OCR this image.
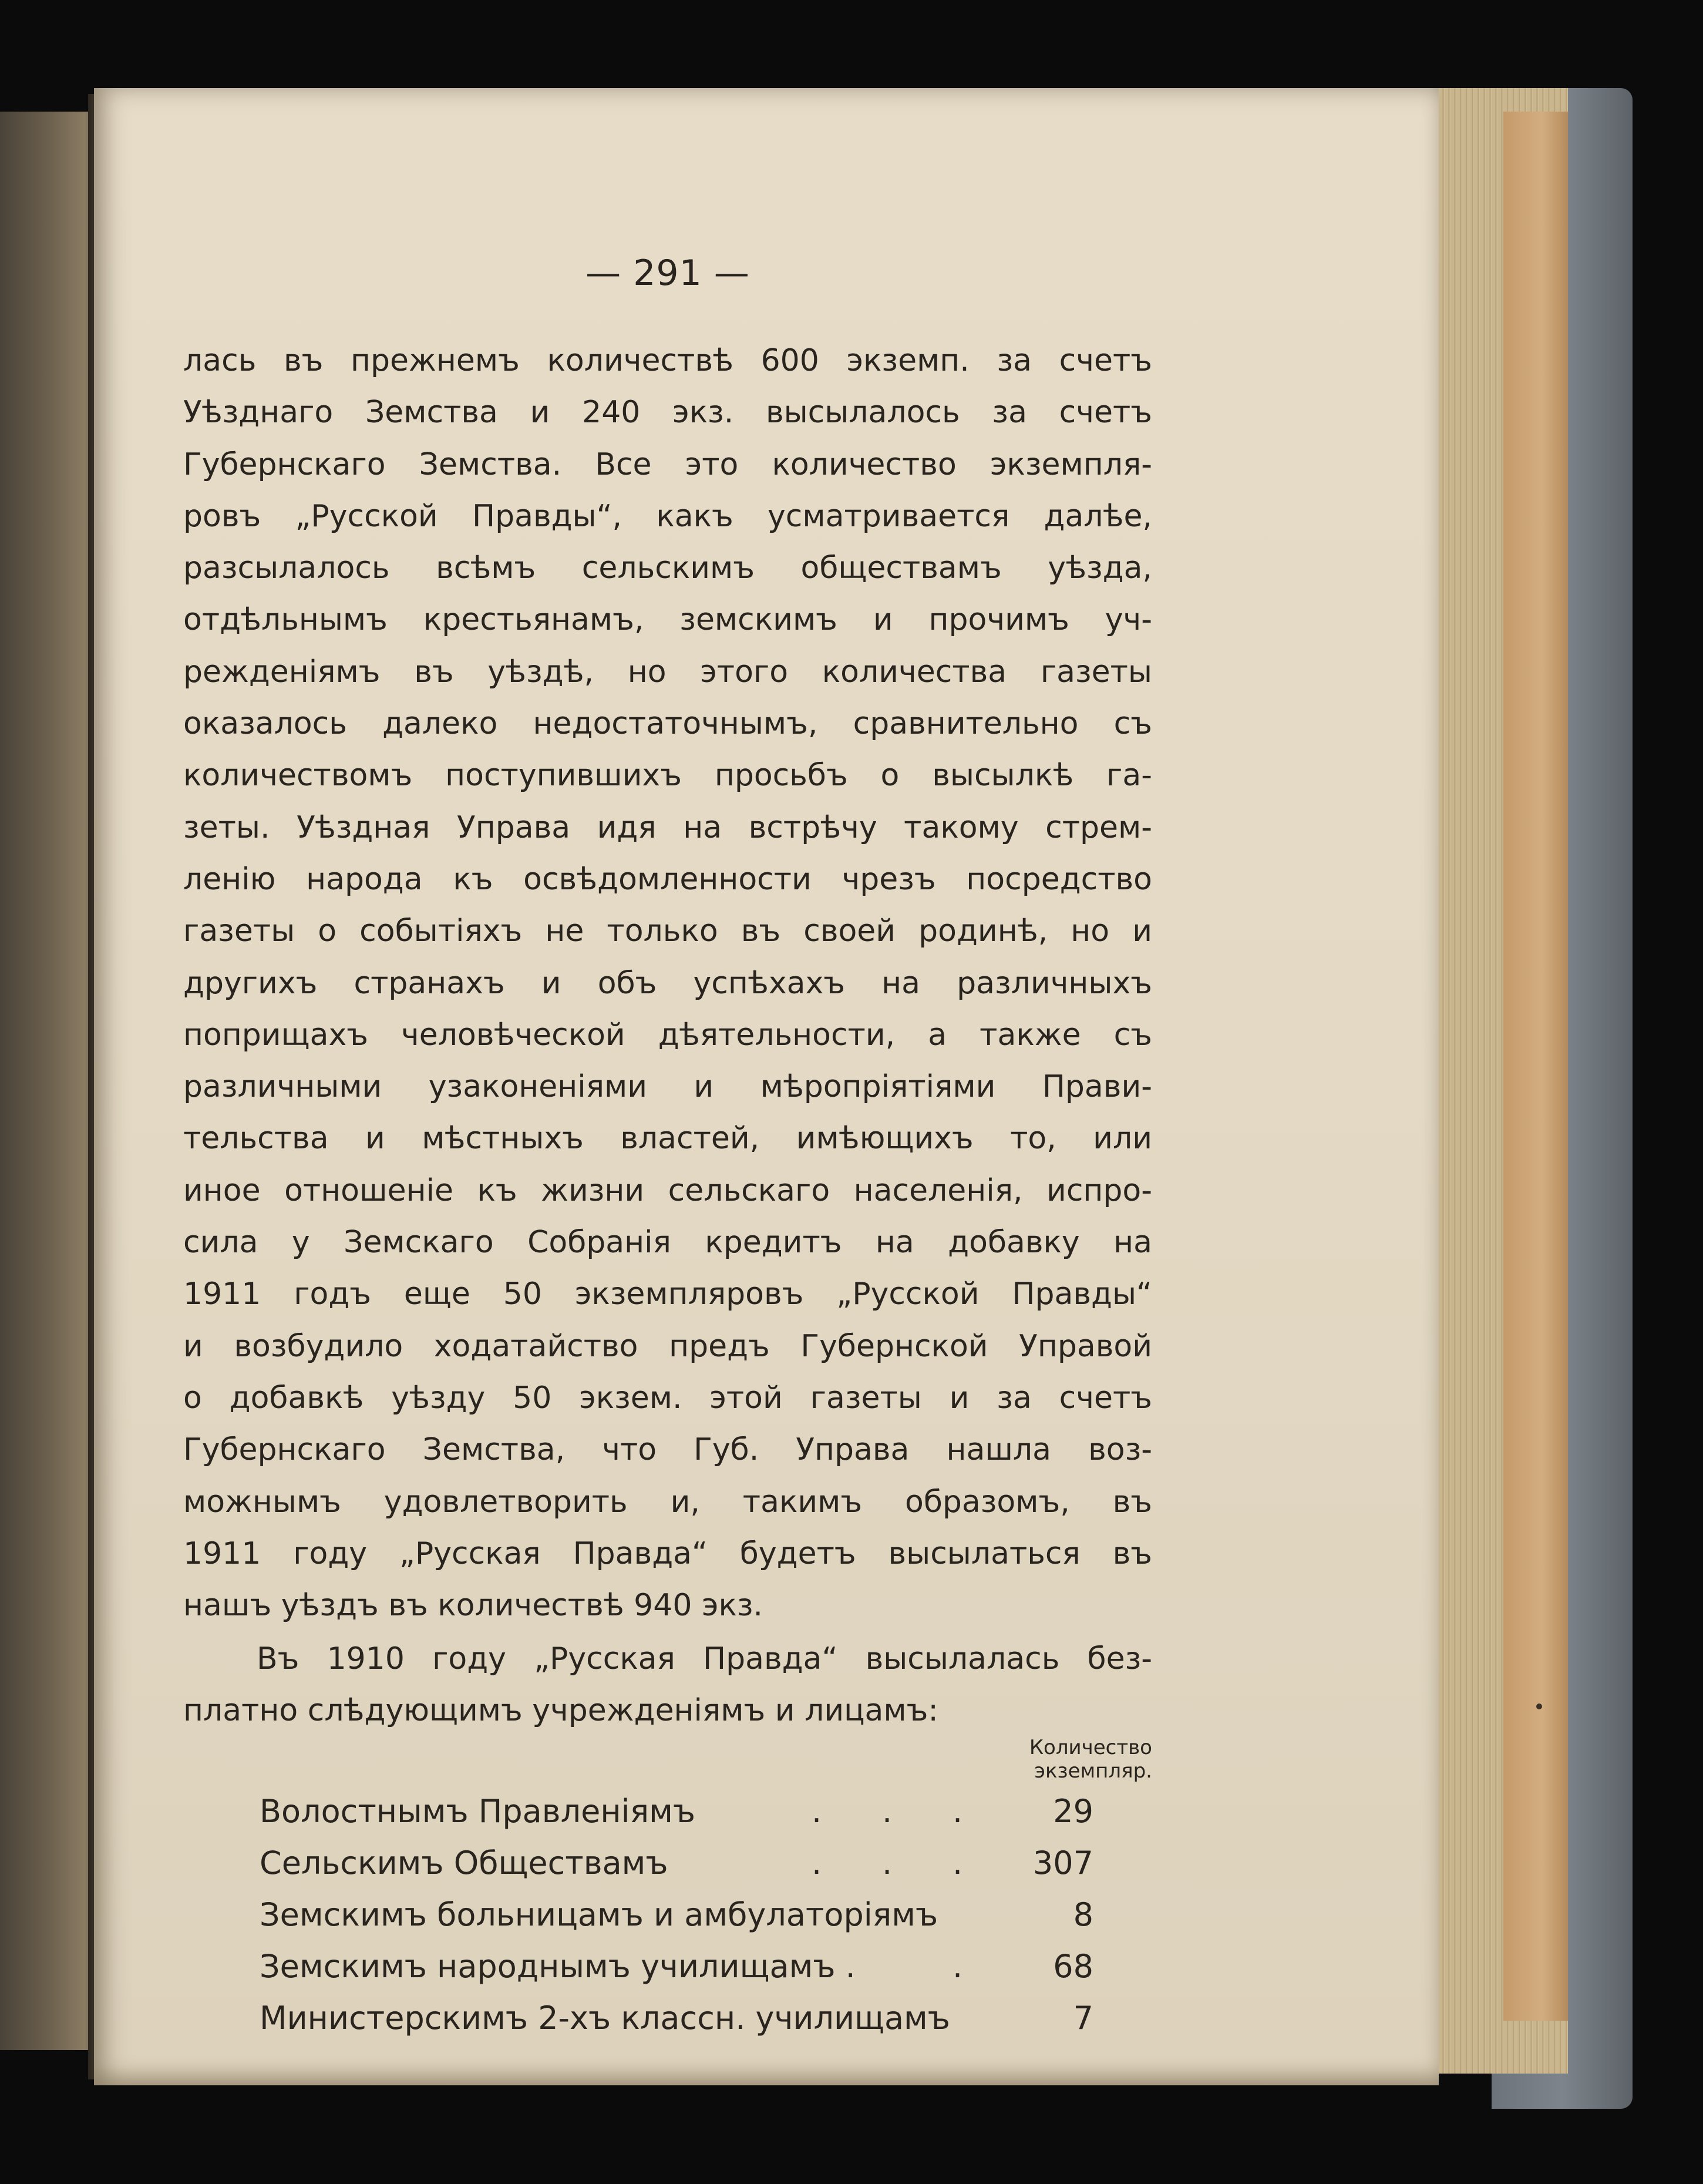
— 291 —
лась въ прежнемъ количествѣ 600 экземп. за счетъ
Уѣзднаго Земства и 240 экз. высылалось за счетъ
Губернскаго Земства. Все это количество экземпля-
ровъ „Русской Правды“, какъ усматривается далѣе,
разсылалось всѣмъ сельскимъ обществамъ уѣзда,
отдѣльнымъ крестьянамъ, земскимъ и прочимъ уч-
режденіямъ въ уѣздѣ, но этого количества газеты
оказалось далеко недостаточнымъ, сравнительно съ
количествомъ поступившихъ просьбъ о высылкѣ га-
зеты. Уѣздная Управа идя на встрѣчу такому стрем-
ленію народа къ освѣдомленности чрезъ посредство
газеты о событіяхъ не только въ своей родинѣ, но и
другихъ странахъ и объ успѣхахъ на различныхъ
поприщахъ человѣческой дѣятельности, а также съ
различными узаконеніями и мѣропріятіями Прави-
тельства и мѣстныхъ властей, имѣющихъ то, или
иное отношеніе къ жизни сельскаго населенія, испро-
сила у Земскаго Собранія кредитъ на добавку на
1911 годъ еще 50 экземпляровъ „Русской Правды“
и возбудило ходатайство предъ Губернской Управой
о добавкѣ уѣзду 50 экзем. этой газеты и за счетъ
Губернскаго Земства, что Губ. Управа нашла воз-
можнымъ удовлетворить и, такимъ образомъ, въ
1911 году „Русская Правда“ будетъ высылаться въ
нашъ уѣздъ въ количествѣ 940 экз.
Въ 1910 году „Русская Правда“ высылалась без-
платно слѣдующимъ учрежденіямъ и лицамъ:
Количество
экземпляр.
Волостнымъ Правленіямъ	. . .	29
Сельскимъ Обществамъ	. . .	307
Земскимъ больницамъ и амбулаторіямъ	8
Земскимъ народнымъ училищамъ .	.	68
Министерскимъ 2-хъ классн. училищамъ	7
